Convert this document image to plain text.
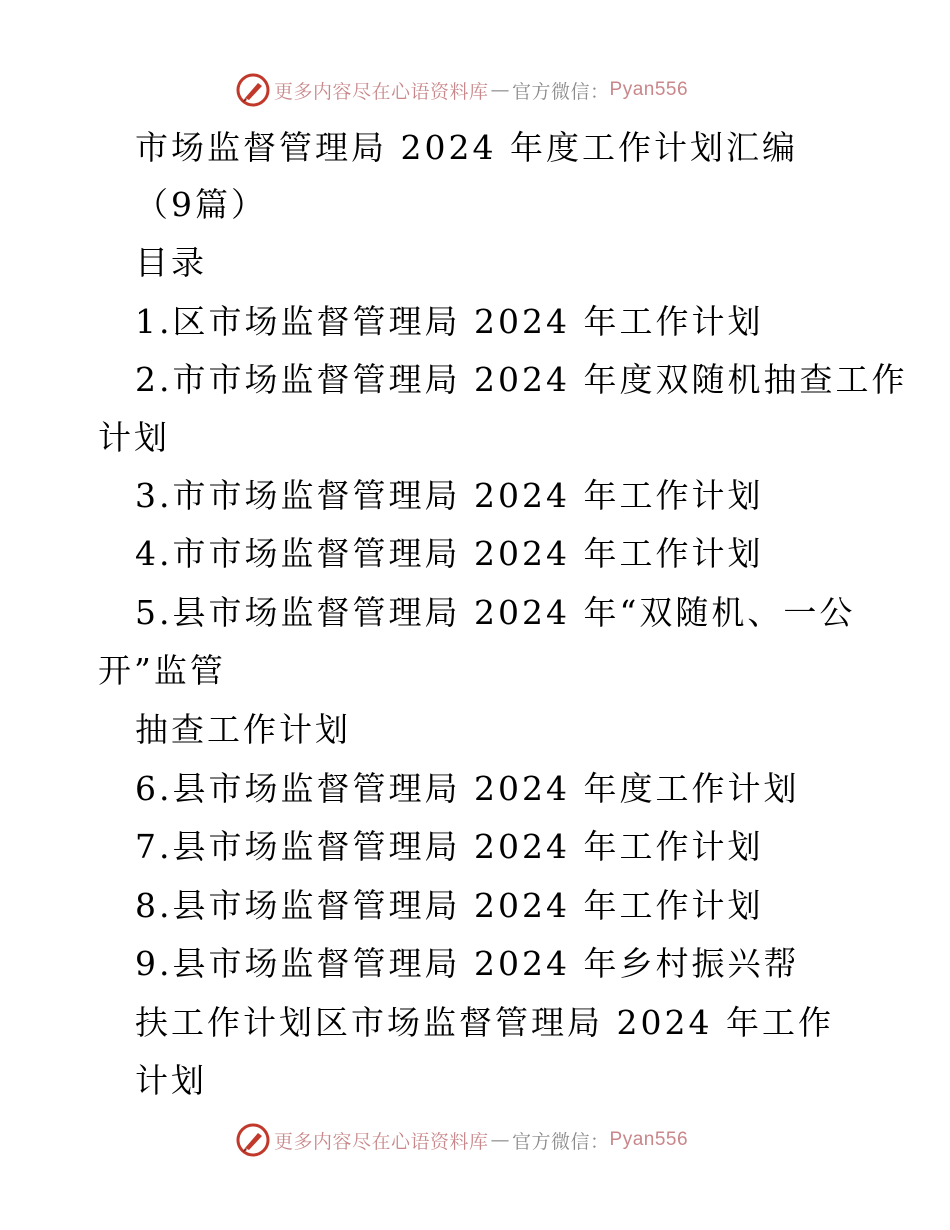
更多内容尽在心语资料库 — 官方微信 ： Pyan556
市场监督管理局 2024 年度工作计划汇编
（9篇）
目录
1.区市场监督管理局 2024 年工作计划
2.市市场监督管理局 2024 年度双随机抽查工作
计划
3.市市场监督管理局 2024 年工作计划
4.市市场监督管理局 2024 年工作计划
5.县市场监督管理局 2024 年“双随机、一公
开”监管
抽查工作计划
6.县市场监督管理局 2024 年度工作计划
7.县市场监督管理局 2024 年工作计划
8.县市场监督管理局 2024 年工作计划
9.县市场监督管理局 2024 年乡村振兴帮
扶工作计划区市场监督管理局 2024 年工作
计划
更多内容尽在心语资料库 — 官方微信 ： Pyan556
